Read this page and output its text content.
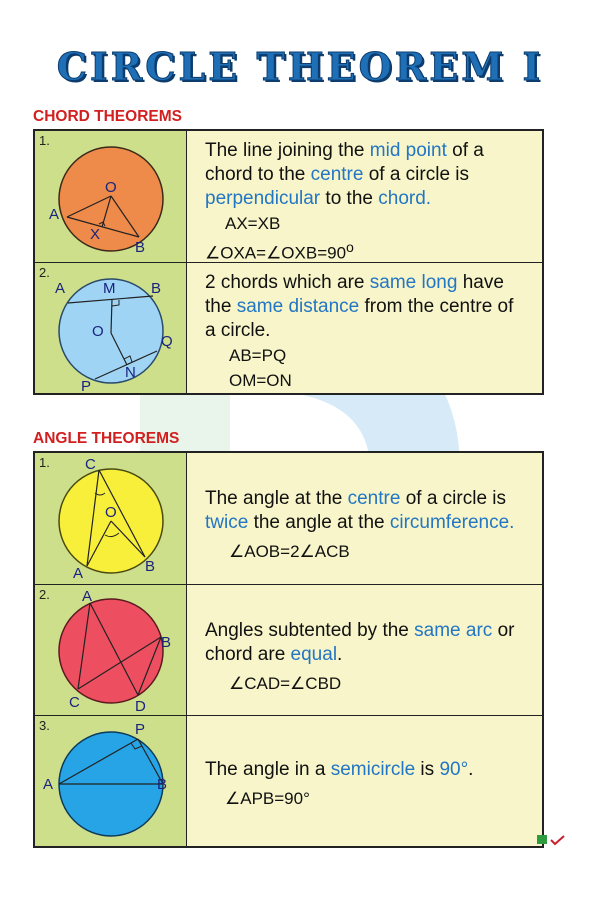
CIRCLE THEOREM I
CHORD THEOREMS
1.
O
A
X
B
The line joining the mid point of a
chord to the centre of a circle is
perpendicular to the chord.
AX=XB
$\angle OXA=\angle OXB=90^o$
2.
A	M B
O
Q
N
P
2 chords which are same long have
the same distance from the centre of
a circle.
AB=PQ
OM=ON
ANGLE THEOREMS
1. C
O
A	B
The angle at the centre of a circle is
twice the angle at the circumference.
∠AOB=2∠ACB
2. A
B
C	D
Angles subtented by the same arc or
chord are equal.
∠CAD=∠CBD
3.	P
A	B
The angle in a semicircle is 90°.
∠APB=90°
